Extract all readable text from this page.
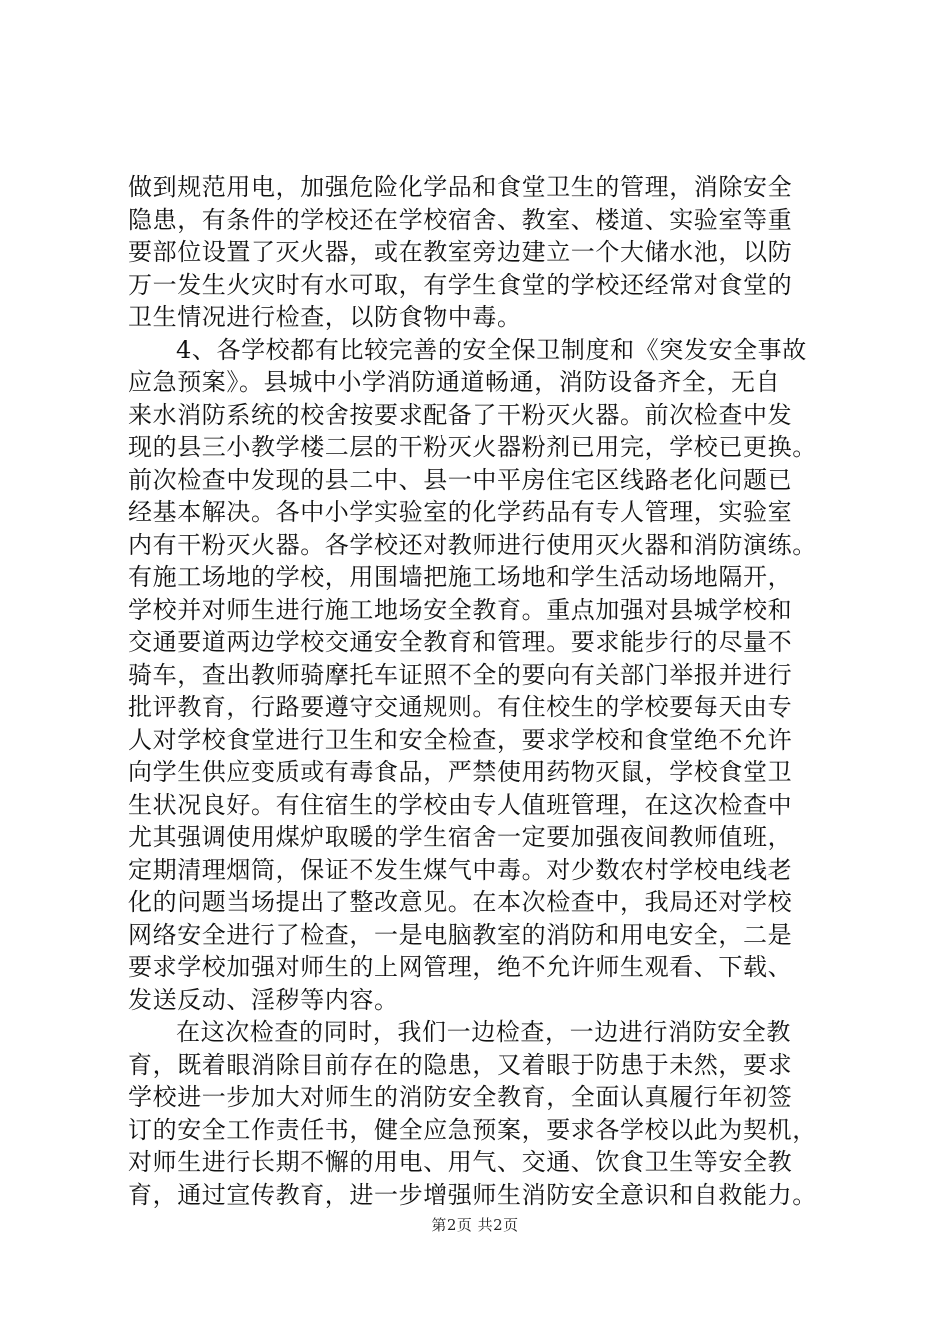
做到规范用电，加强危险化学品和食堂卫生的管理，消除安全
隐患，有条件的学校还在学校宿舍、教室、楼道、实验室等重
要部位设置了灭火器，或在教室旁边建立一个大储水池，以防
万一发生火灾时有水可取，有学生食堂的学校还经常对食堂的
卫生情况进行检查，以防食物中毒。
4、各学校都有比较完善的安全保卫制度和《突发安全事故
应急预案》。县城中小学消防通道畅通，消防设备齐全，无自
来水消防系统的校舍按要求配备了干粉灭火器。前次检查中发
现的县三小教学楼二层的干粉灭火器粉剂已用完，学校已更换。
前次检查中发现的县二中、县一中平房住宅区线路老化问题已
经基本解决。各中小学实验室的化学药品有专人管理，实验室
内有干粉灭火器。各学校还对教师进行使用灭火器和消防演练。
有施工场地的学校，用围墙把施工场地和学生活动场地隔开，
学校并对师生进行施工地场安全教育。重点加强对县城学校和
交通要道两边学校交通安全教育和管理。要求能步行的尽量不
骑车，查出教师骑摩托车证照不全的要向有关部门举报并进行
批评教育，行路要遵守交通规则。有住校生的学校要每天由专
人对学校食堂进行卫生和安全检查，要求学校和食堂绝不允许
向学生供应变质或有毒食品，严禁使用药物灭鼠，学校食堂卫
生状况良好。有住宿生的学校由专人值班管理，在这次检查中
尤其强调使用煤炉取暖的学生宿舍一定要加强夜间教师值班，
定期清理烟筒，保证不发生煤气中毒。对少数农村学校电线老
化的问题当场提出了整改意见。在本次检查中，我局还对学校
网络安全进行了检查，一是电脑教室的消防和用电安全，二是
要求学校加强对师生的上网管理，绝不允许师生观看、下载、
发送反动、淫秽等内容。
在这次检查的同时，我们一边检查，一边进行消防安全教
育，既着眼消除目前存在的隐患，又着眼于防患于未然，要求
学校进一步加大对师生的消防安全教育，全面认真履行年初签
订的安全工作责任书，健全应急预案，要求各学校以此为契机，
对师生进行长期不懈的用电、用气、交通、饮食卫生等安全教
育，通过宣传教育，进一步增强师生消防安全意识和自救能力。
第2页 共2页
